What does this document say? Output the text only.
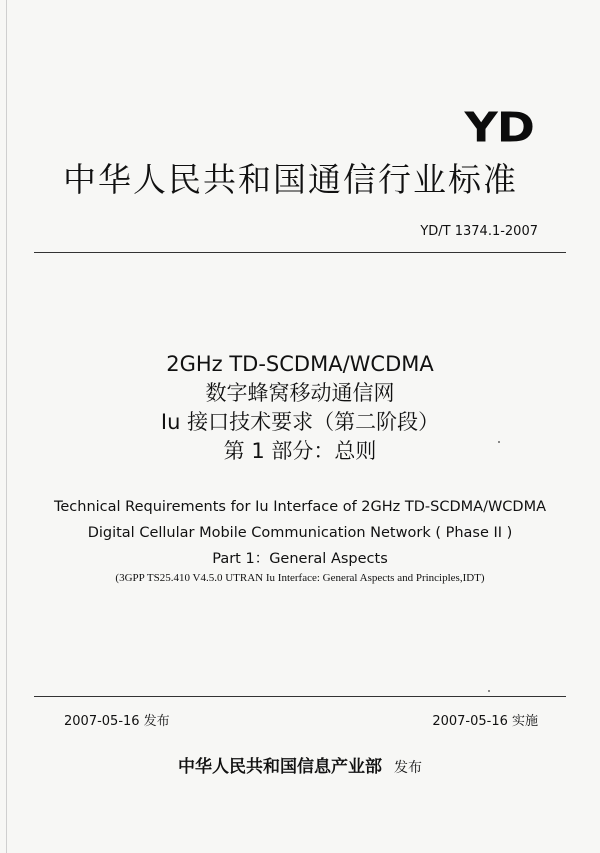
YD
中华人民共和国通信行业标准
YD/T 1374.1-2007
2GHz TD-SCDMA/WCDMA
数字蜂窝移动通信网
Iu 接口技术要求（第二阶段）
第 1 部分：总则
Technical Requirements for Iu Interface of 2GHz TD-SCDMA/WCDMA
Digital Cellular Mobile Communication Network ( Phase II )
Part 1：General Aspects
(3GPP TS25.410 V4.5.0 UTRAN Iu Interface: General Aspects and Principles,IDT)
2007-05-16 发布	2007-05-16 实施
中华人民共和国信息产业部 发布
